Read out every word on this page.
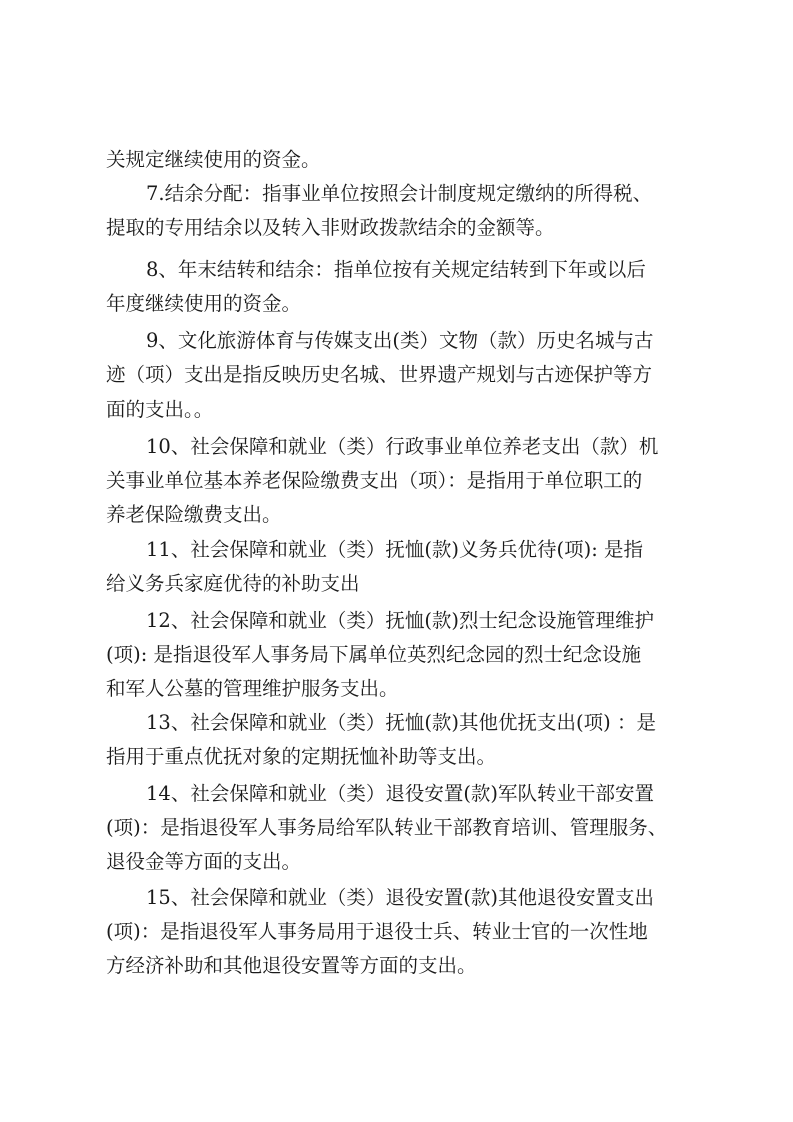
关规定继续使用的资金。
7.结余分配：指事业单位按照会计制度规定缴纳的所得税、
提取的专用结余以及转入非财政拨款结余的金额等。
8、年末结转和结余：指单位按有关规定结转到下年或以后
年度继续使用的资金。
9、文化旅游体育与传媒支出(类）文物（款）历史名城与古
迹（项）支出是指反映历史名城、世界遗产规划与古迹保护等方
面的支出。。
10、社会保障和就业（类）行政事业单位养老支出（款）机
关事业单位基本养老保险缴费支出（项）：是指用于单位职工的
养老保险缴费支出。
11、社会保障和就业（类）抚恤(款)义务兵优待(项): 是指
给义务兵家庭优待的补助支出
12、社会保障和就业（类）抚恤(款)烈士纪念设施管理维护
(项): 是指退役军人事务局下属单位英烈纪念园的烈士纪念设施
和军人公墓的管理维护服务支出。
13、社会保障和就业（类）抚恤(款)其他优抚支出(项) ：是
指用于重点优抚对象的定期抚恤补助等支出。
14、社会保障和就业（类）退役安置(款)军队转业干部安置
(项)：是指退役军人事务局给军队转业干部教育培训、管理服务、
退役金等方面的支出。
15、社会保障和就业（类）退役安置(款)其他退役安置支出
(项)：是指退役军人事务局用于退役士兵、转业士官的一次性地
方经济补助和其他退役安置等方面的支出。
